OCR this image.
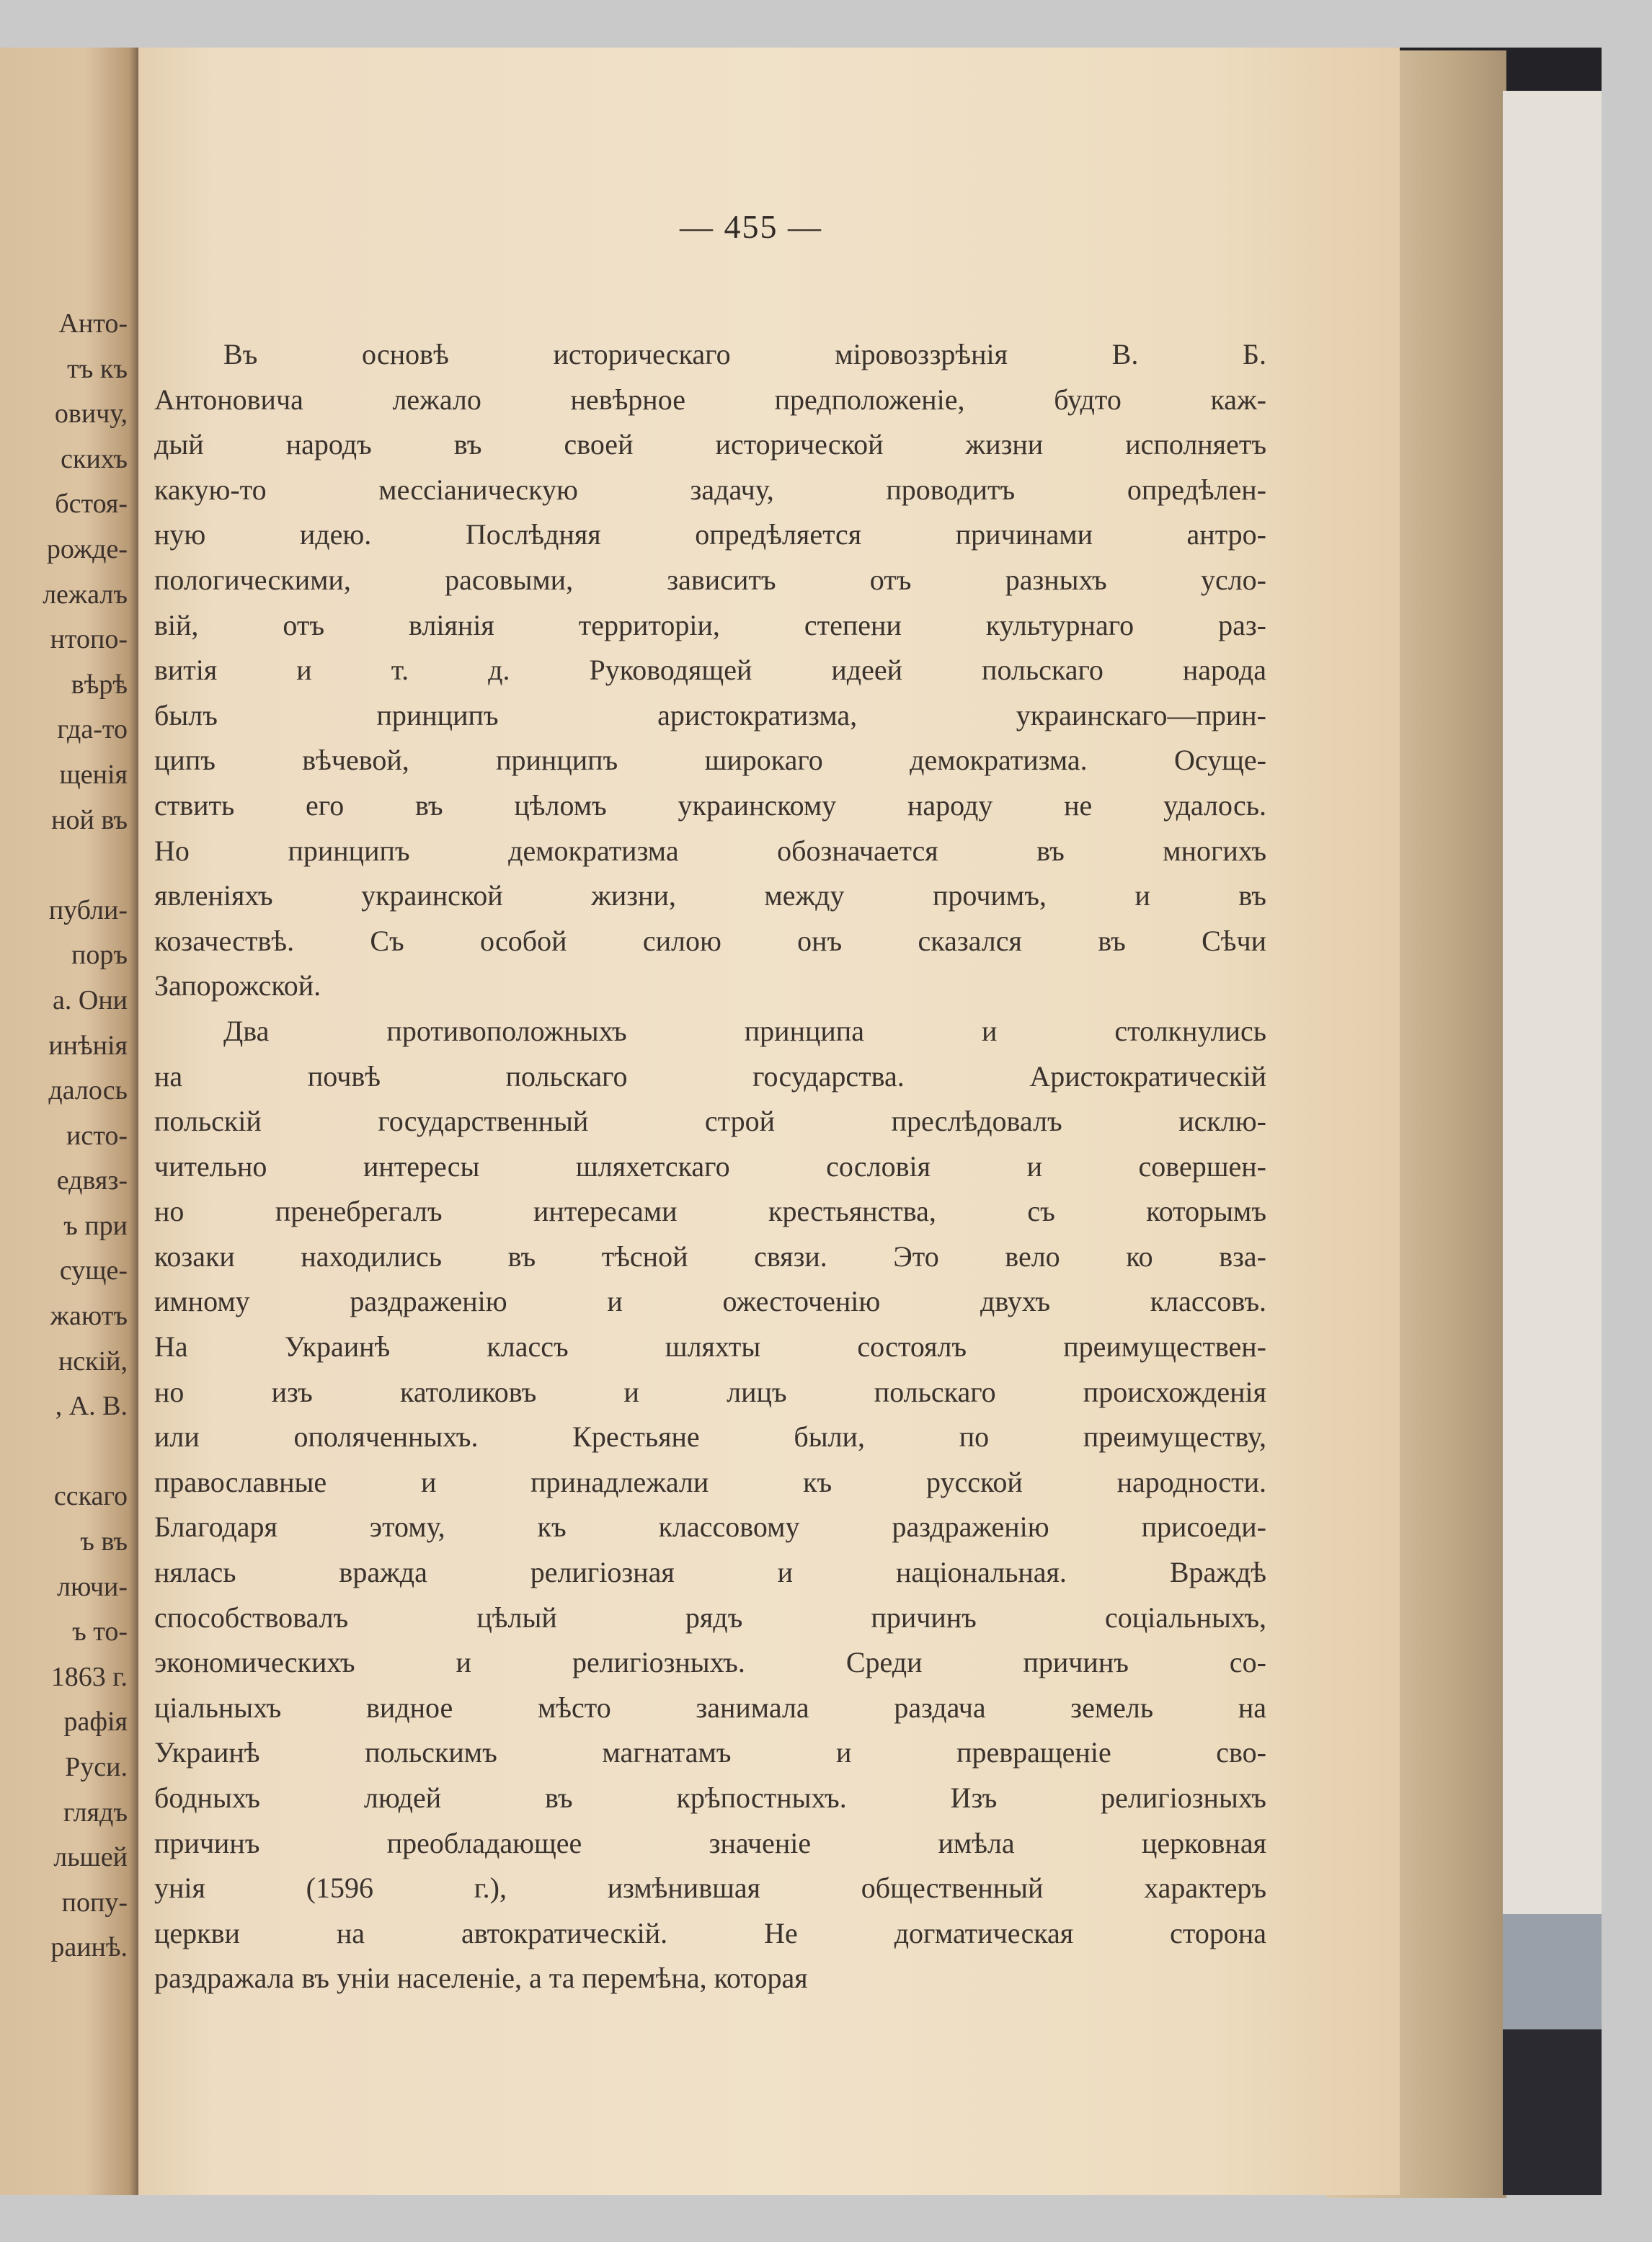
Анто-
тъ къ
овичу,
скихъ
бстоя-
рожде-
лежалъ
нтопо-
вѣрѣ
гда-то
щенія
ной въ

публи-
поръ
а. Они
инѣнія
далось
исто-
едвяз-
ъ при
суще-
жаютъ
нскій,
, А. В.

сскаго
ъ въ
лючи-
ъ то-
1863 г.
рафія
Руси.
глядъ
льшей
попу-
раинѣ.
— 455 —
Въ основѣ историческаго міровоззрѣнія В. Б.
Антоновича лежало невѣрное предположеніе, будто каж-
дый народъ въ своей исторической жизни исполняетъ
какую-то мессіаническую задачу, проводитъ опредѣлен-
ную идею. Послѣдняя опредѣляется причинами антро-
пологическими, расовыми, зависитъ отъ разныхъ усло-
вій, отъ вліянія территоріи, степени культурнаго раз-
витія и т. д. Руководящей идеей польскаго народа
былъ принципъ аристократизма, украинскаго—прин-
ципъ вѣчевой, принципъ широкаго демократизма. Осуще-
ствить его въ цѣломъ украинскому народу не удалось.
Но принципъ демократизма обозначается въ многихъ
явленіяхъ украинской жизни, между прочимъ, и въ
козачествѣ. Съ особой силою онъ сказался въ Сѣчи
Запорожской.
Два противоположныхъ принципа и столкнулись
на почвѣ польскаго государства. Аристократическій
польскій государственный строй преслѣдовалъ исклю-
чительно интересы шляхетскаго сословія и совершен-
но пренебрегалъ интересами крестьянства, съ которымъ
козаки находились въ тѣсной связи. Это вело ко вза-
имному раздраженію и ожесточенію двухъ классовъ.
На Украинѣ классъ шляхты состоялъ преимуществен-
но изъ католиковъ и лицъ польскаго происхожденія
или ополяченныхъ. Крестьяне были, по преимуществу,
православные и принадлежали къ русской народности.
Благодаря этому, къ классовому раздраженію присоеди-
нялась вражда религіозная и національная. Враждѣ
способствовалъ цѣлый рядъ причинъ соціальныхъ,
экономическихъ и религіозныхъ. Среди причинъ со-
ціальныхъ видное мѣсто занимала раздача земель на
Украинѣ польскимъ магнатамъ и превращеніе сво-
бодныхъ людей въ крѣпостныхъ. Изъ религіозныхъ
причинъ преобладающее значеніе имѣла церковная
унія (1596 г.), измѣнившая общественный характеръ
церкви на автократическій. Не догматическая сторона
раздражала въ уніи населеніе, а та перемѣна, которая
